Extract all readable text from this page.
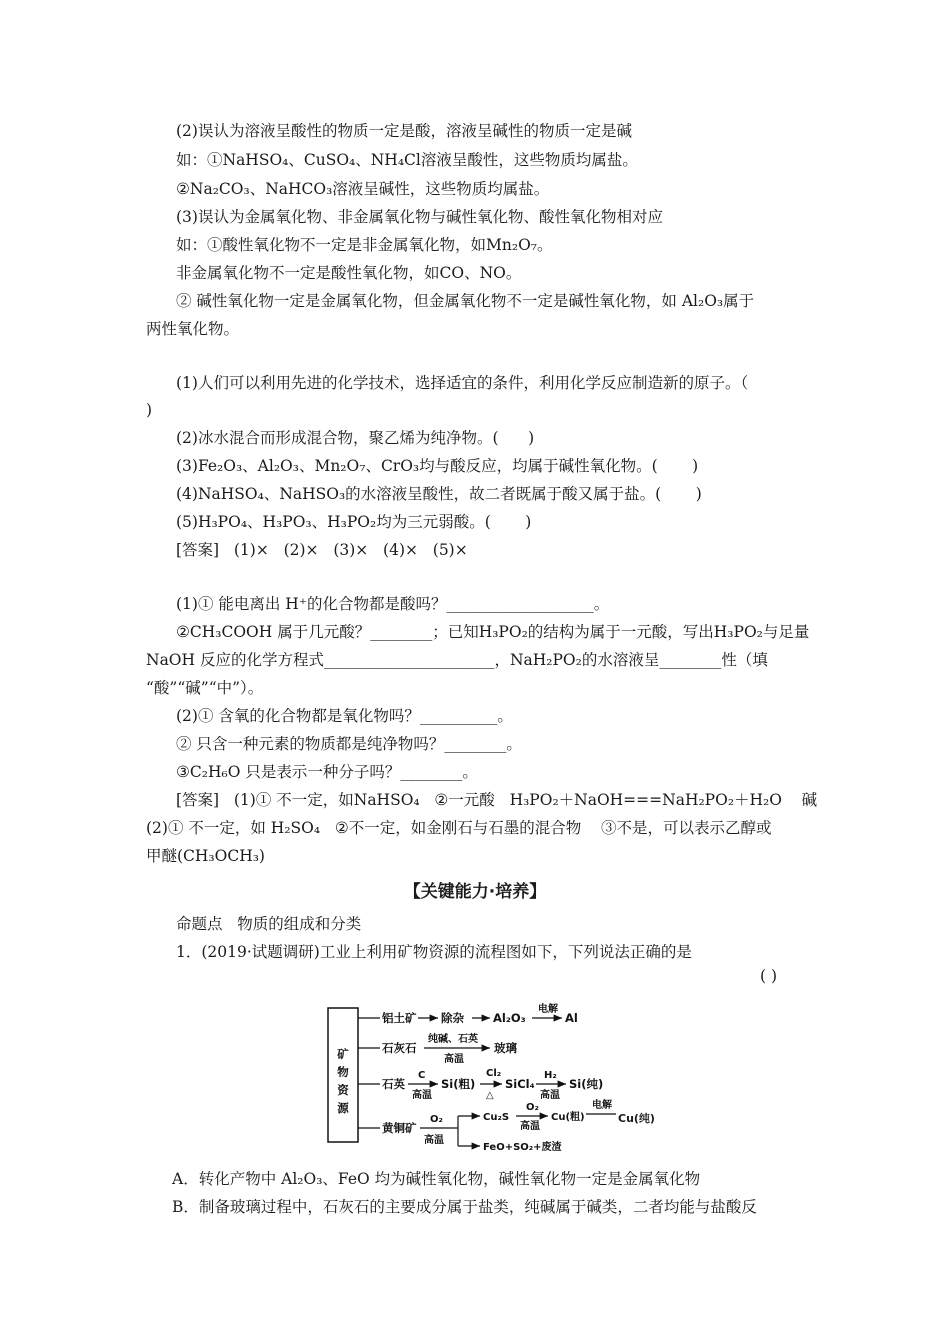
(2)误认为溶液呈酸性的物质一定是酸，溶液呈碱性的物质一定是碱
如：①NaHSO₄、CuSO₄、NH₄Cl溶液呈酸性，这些物质均属盐。
②Na₂CO₃、NaHCO₃溶液呈碱性，这些物质均属盐。
(3)误认为金属氧化物、非金属氧化物与碱性氧化物、酸性氧化物相对应
如：①酸性氧化物不一定是非金属氧化物，如Mn₂O₇。
非金属氧化物不一定是酸性氧化物，如CO、NO。
② 碱性氧化物一定是金属氧化物，但金属氧化物不一定是碱性氧化物，如 Al₂O₃属于
两性氧化物。
(1)人们可以利用先进的化学技术，选择适宜的条件，利用化学反应制造新的原子。（
)
(2)冰水混合而形成混合物，聚乙烯为纯净物。(      )
(3)Fe₂O₃、Al₂O₃、Mn₂O₇、CrO₃均与酸反应，均属于碱性氧化物。(       )
(4)NaHSO₄、NaHSO₃的水溶液呈酸性，故二者既属于酸又属于盐。(       )
(5)H₃PO₄、H₃PO₃、H₃PO₂均为三元弱酸。(       )
[答案]   (1)×   (2)×   (3)×   (4)×   (5)×
(1)① 能电离出 H⁺的化合物都是酸吗？___________________。
②CH₃COOH 属于几元酸？________；已知H₃PO₂的结构为属于一元酸，写出H₃PO₂与足量
NaOH 反应的化学方程式______________________，NaH₂PO₂的水溶液呈________性（填
“酸”“碱”“中”）。
(2)① 含氧的化合物都是氧化物吗？__________。
② 只含一种元素的物质都是纯净物吗？________。
③C₂H₆O 只是表示一种分子吗？________。
[答案]   (1)① 不一定，如NaHSO₄   ②一元酸   H₃PO₂＋NaOH===NaH₂PO₂＋H₂O    碱
(2)① 不一定，如 H₂SO₄   ②不一定，如金刚石与石墨的混合物    ③不是，可以表示乙醇或
甲醚(CH₃OCH₃)
【关键能力·培养】
命题点   物质的组成和分类
1．(2019·试题调研)工业上利用矿物资源的流程图如下，下列说法正确的是
( )
矿
物
资
源
铝土矿 除杂	Al₂O₃
电解
Al
石灰石
纯碱、石英
高温
玻璃
石英
C
高温
Si(粗)
Cl₂
△
SiCl₄
H₂
高温
Si(纯)
黄铜矿
O₂
高温
Cu₂S
O₂
高温
Cu(粗)
电解
FeO+SO₂+废渣
A．转化产物中 Al₂O₃、FeO 均为碱性氧化物，碱性氧化物一定是金属氧化物
B．制备玻璃过程中，石灰石的主要成分属于盐类，纯碱属于碱类，二者均能与盐酸反
Cu(纯)
